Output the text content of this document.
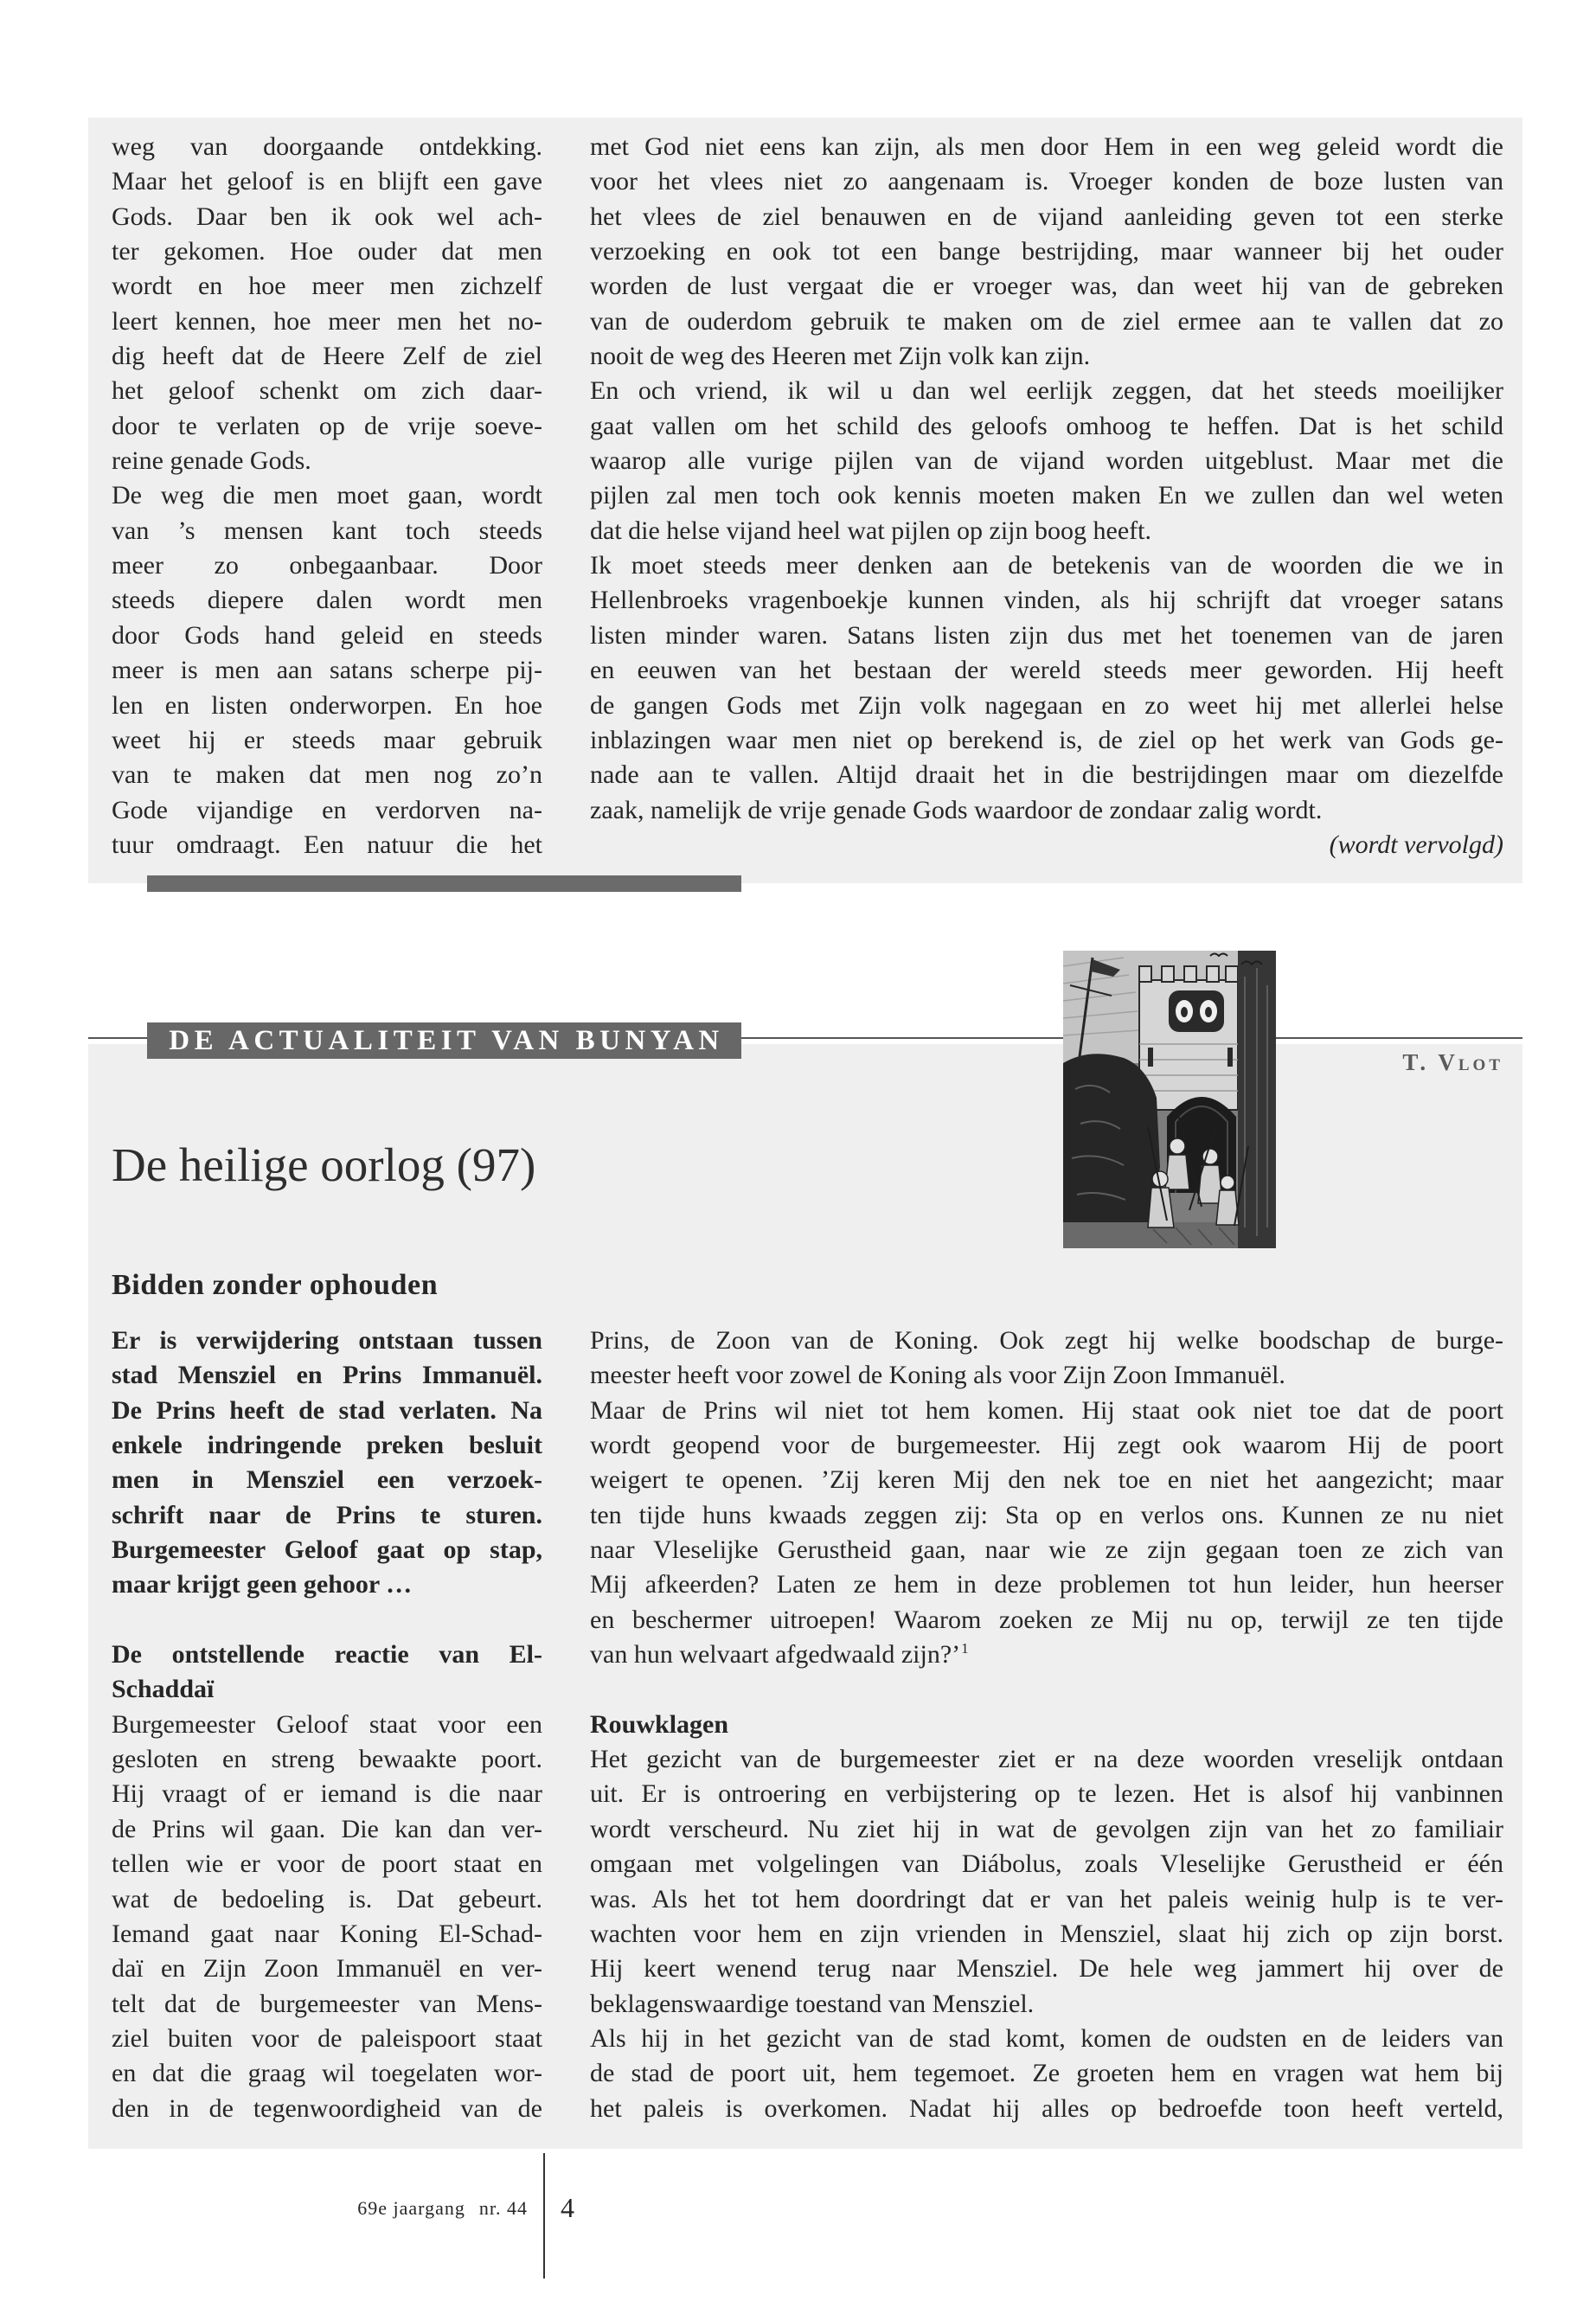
weg van doorgaande ontdekking.
Maar het geloof is en blijft een gave
Gods. Daar ben ik ook wel ach-
ter gekomen. Hoe ouder dat men
wordt en hoe meer men zichzelf
leert kennen, hoe meer men het no-
dig heeft dat de Heere Zelf de ziel
het geloof schenkt om zich daar-
door te verlaten op de vrije soeve-
reine genade Gods.
De weg die men moet gaan, wordt
van ’s mensen kant toch steeds
meer zo onbegaanbaar. Door
steeds diepere dalen wordt men
door Gods hand geleid en steeds
meer is men aan satans scherpe pij-
len en listen onderworpen. En hoe
weet hij er steeds maar gebruik
van te maken dat men nog zo’n
Gode vijandige en verdorven na-
tuur omdraagt. Een natuur die het
met God niet eens kan zijn, als men door Hem in een weg geleid wordt die
voor het vlees niet zo aangenaam is. Vroeger konden de boze lusten van
het vlees de ziel benauwen en de vijand aanleiding geven tot een sterke
verzoeking en ook tot een bange bestrijding, maar wanneer bij het ouder
worden de lust vergaat die er vroeger was, dan weet hij van de gebreken
van de ouderdom gebruik te maken om de ziel ermee aan te vallen dat zo
nooit de weg des Heeren met Zijn volk kan zijn.
En och vriend, ik wil u dan wel eerlijk zeggen, dat het steeds moeilijker
gaat vallen om het schild des geloofs omhoog te heffen. Dat is het schild
waarop alle vurige pijlen van de vijand worden uitgeblust. Maar met die
pijlen zal men toch ook kennis moeten maken En we zullen dan wel weten
dat die helse vijand heel wat pijlen op zijn boog heeft.
Ik moet steeds meer denken aan de betekenis van de woorden die we in
Hellenbroeks vragenboekje kunnen vinden, als hij schrijft dat vroeger satans
listen minder waren. Satans listen zijn dus met het toenemen van de jaren
en eeuwen van het bestaan der wereld steeds meer geworden. Hij heeft
de gangen Gods met Zijn volk nagegaan en zo weet hij met allerlei helse
inblazingen waar men niet op berekend is, de ziel op het werk van Gods ge-
nade aan te vallen. Altijd draait het in die bestrijdingen maar om diezelfde
zaak, namelijk de vrije genade Gods waardoor de zondaar zalig wordt.
(wordt vervolgd)
DE ACTUALITEIT VAN BUNYAN
T. Vlot
De heilige oorlog (97)
Bidden zonder ophouden
Er is verwijdering ontstaan tussen
stad Mensziel en Prins Immanuël.
De Prins heeft de stad verlaten. Na
enkele indringende preken besluit
men in Mensziel een verzoek-
schrift naar de Prins te sturen.
Burgemeester Geloof gaat op stap,
maar krijgt geen gehoor …
De ontstellende reactie van El-
Schaddaï
Burgemeester Geloof staat voor een
gesloten en streng bewaakte poort.
Hij vraagt of er iemand is die naar
de Prins wil gaan. Die kan dan ver-
tellen wie er voor de poort staat en
wat de bedoeling is. Dat gebeurt.
Iemand gaat naar Koning El-Schad-
daï en Zijn Zoon Immanuël en ver-
telt dat de burgemeester van Mens-
ziel buiten voor de paleispoort staat
en dat die graag wil toegelaten wor-
den in de tegenwoordigheid van de
Prins, de Zoon van de Koning. Ook zegt hij welke boodschap de burge-
meester heeft voor zowel de Koning als voor Zijn Zoon Immanuël.
Maar de Prins wil niet tot hem komen. Hij staat ook niet toe dat de poort
wordt geopend voor de burgemeester. Hij zegt ook waarom Hij de poort
weigert te openen. ’Zij keren Mij den nek toe en niet het aangezicht; maar
ten tijde huns kwaads zeggen zij: Sta op en verlos ons. Kunnen ze nu niet
naar Vleselijke Gerustheid gaan, naar wie ze zijn gegaan toen ze zich van
Mij afkeerden? Laten ze hem in deze problemen tot hun leider, hun heerser
en beschermer uitroepen! Waarom zoeken ze Mij nu op, terwijl ze ten tijde
van hun welvaart afgedwaald zijn?’$^1$
Rouwklagen
Het gezicht van de burgemeester ziet er na deze woorden vreselijk ontdaan
uit. Er is ontroering en verbijstering op te lezen. Het is alsof hij vanbinnen
wordt verscheurd. Nu ziet hij in wat de gevolgen zijn van het zo familiair
omgaan met volgelingen van Diábolus, zoals Vleselijke Gerustheid er één
was. Als het tot hem doordringt dat er van het paleis weinig hulp is te ver-
wachten voor hem en zijn vrienden in Mensziel, slaat hij zich op zijn borst.
Hij keert wenend terug naar Mensziel. De hele weg jammert hij over de
beklagenswaardige toestand van Mensziel.
Als hij in het gezicht van de stad komt, komen de oudsten en de leiders van
de stad de poort uit, hem tegemoet. Ze groeten hem en vragen wat hem bij
het paleis is overkomen. Nadat hij alles op bedroefde toon heeft verteld,
69e jaargang nr. 44 4
